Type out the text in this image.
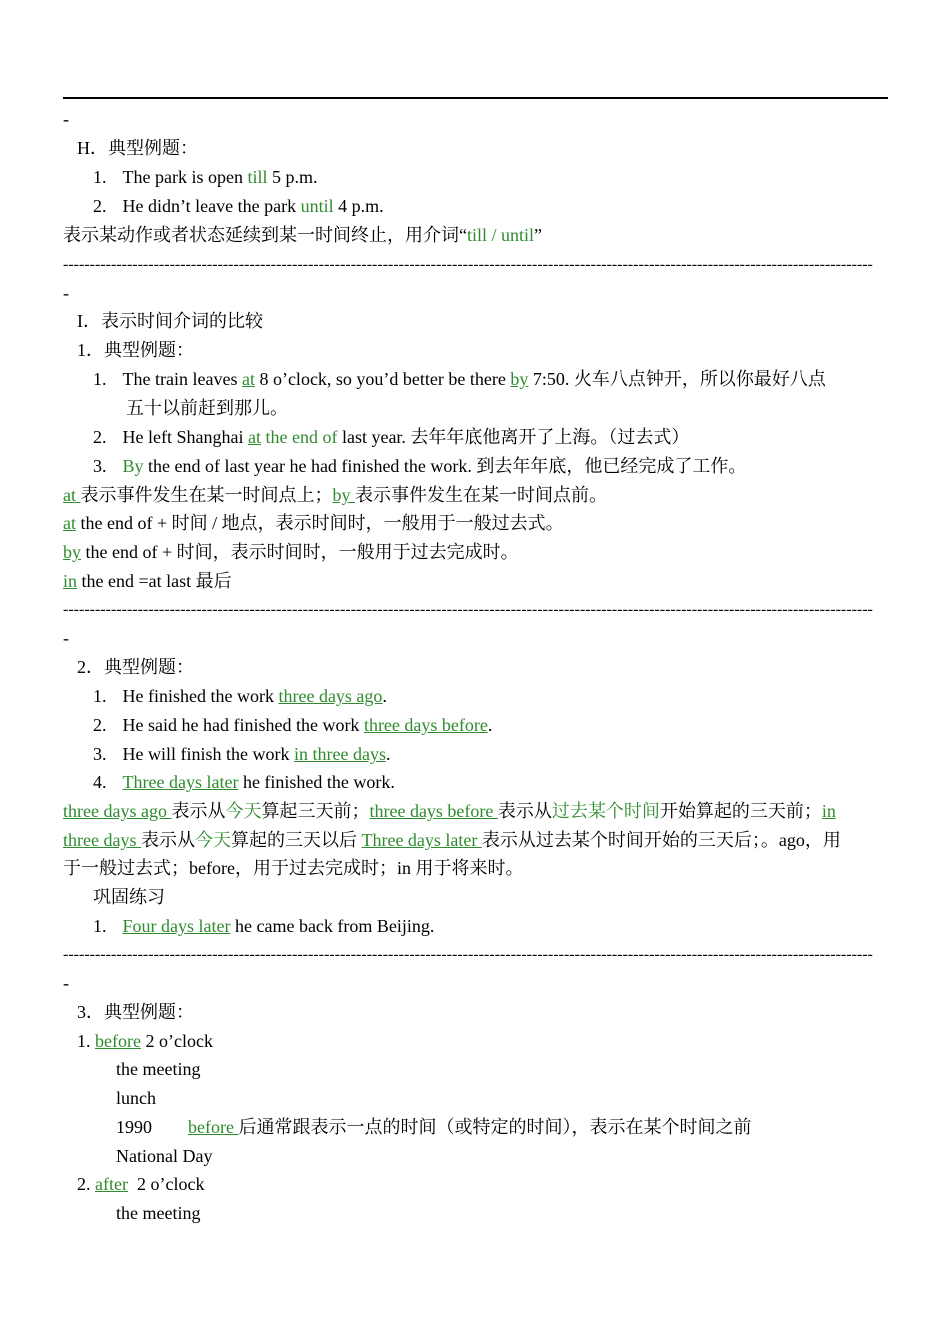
-
H．典型例题：
1. The park is open till 5 p.m.
2. He didn’t leave the park until 4 p.m.
表示某动作或者状态延续到某一时间终止，用介词“till / until”
--------------------------------------------------------------------------------------------------------------------------------------------------------
-
I．表示时间介词的比较
1．典型例题：
1. The train leaves at 8 o’clock, so you’d better be there by 7:50. 火车八点钟开，所以你最好八点
五十以前赶到那儿。
2. He left Shanghai at the end of last year. 去年年底他离开了上海。（过去式）
3. By the end of last year he had finished the work. 到去年年底，他已经完成了工作。
at 表示事件发生在某一时间点上；by 表示事件发生在某一时间点前。
at the end of + 时间 / 地点，表示时间时，一般用于一般过去式。
by the end of + 时间，表示时间时，一般用于过去完成时。
in the end =at last 最后
--------------------------------------------------------------------------------------------------------------------------------------------------------
-
2．典型例题：
1. He finished the work three days ago.
2. He said he had finished the work three days before.
3. He will finish the work in three days.
4. Three days later he finished the work.
three days ago 表示从今天算起三天前；three days before 表示从过去某个时间开始算起的三天前；in
three days 表示从今天算起的三天以后 Three days later 表示从过去某个时间开始的三天后；。ago，用
于一般过去式；before，用于过去完成时；in 用于将来时。
巩固练习
1. Four days later he came back from Beijing.
--------------------------------------------------------------------------------------------------------------------------------------------------------
-
3．典型例题：
1. before 2 o’clock
the meeting
lunch
1990 before 后通常跟表示一点的时间（或特定的时间），表示在某个时间之前
National Day
2. after  2 o’clock
the meeting
